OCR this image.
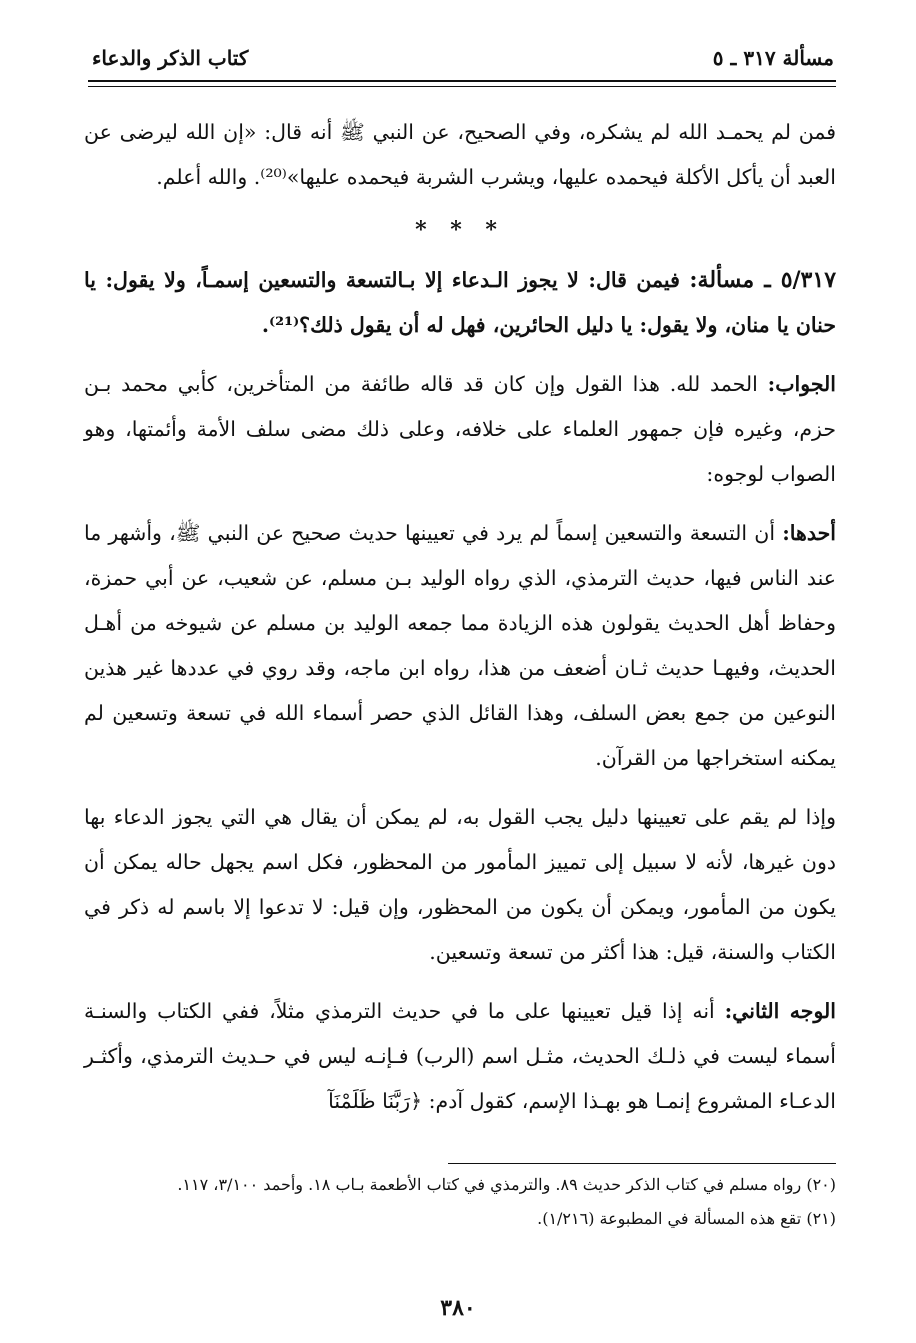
مسألة ٣١٧ ـ ٥
كتاب الذكر والدعاء

فمن لم يحمـد الله لم يشكره، وفي الصحيح، عن النبي ﷺ أنه قال: «إن الله ليرضى عن العبد أن يأكل الأكلة فيحمده عليها، ويشرب الشربة فيحمده عليها»⁽²⁰⁾. والله أعلم.

* * *

٥/٣١٧ ـ مسألة: فيمن قال: لا يجوز الـدعاء إلا بـالتسعة والتسعين إسمـاً، ولا يقول: يا حنان يا منان، ولا يقول: يا دليل الحائرين، فهل له أن يقول ذلك؟⁽²¹⁾.

الجواب: الحمد لله. هذا القول وإن كان قد قاله طائفة من المتأخرين، كأبي محمد بـن حزم، وغيره فإن جمهور العلماء على خلافه، وعلى ذلك مضى سلف الأمة وأئمتها، وهو الصواب لوجوه:

أحدها: أن التسعة والتسعين إسماً لم يرد في تعيينها حديث صحيح عن النبي ﷺ، وأشهر ما عند الناس فيها، حديث الترمذي، الذي رواه الوليد بـن مسلم، عن شعيب، عن أبي حمزة، وحفاظ أهل الحديث يقولون هذه الزيادة مما جمعه الوليد بن مسلم عن شيوخه من أهـل الحديث، وفيهـا حديث ثـان أضعف من هذا، رواه ابن ماجه، وقد روي في عددها غير هذين النوعين من جمع بعض السلف، وهذا القائل الذي حصر أسماء الله في تسعة وتسعين لم يمكنه استخراجها من القرآن.

وإذا لم يقم على تعيينها دليل يجب القول به، لم يمكن أن يقال هي التي يجوز الدعاء بها دون غيرها، لأنه لا سبيل إلى تمييز المأمور من المحظور، فكل اسم يجهل حاله يمكن أن يكون من المأمور، ويمكن أن يكون من المحظور، وإن قيل: لا تدعوا إلا باسم له ذكر في الكتاب والسنة، قيل: هذا أكثر من تسعة وتسعين.

الوجه الثاني: أنه إذا قيل تعيينها على ما في حديث الترمذي مثلاً، ففي الكتاب والسنـة أسماء ليست في ذلـك الحديث، مثـل اسم (الرب) فـإنـه ليس في حـديث الترمذي، وأكثـر الدعـاء المشروع إنمـا هو بهـذا الإسم، كقول آدم: ﴿رَبَّنَا ظَلَمْنَآ

(٢٠) رواه مسلم في كتاب الذكر حديث ٨٩. والترمذي في كتاب الأطعمة بـاب ١٨. وأحمد ٣/١٠٠، ١١٧.

(٢١) تقع هذه المسألة في المطبوعة (١/٢١٦).

٣٨٠
